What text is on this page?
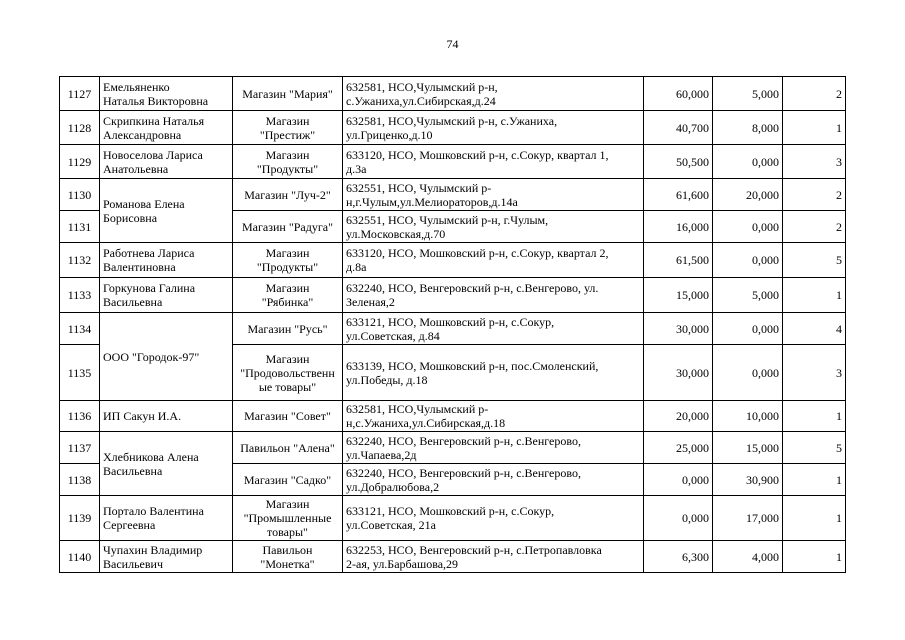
74
1127	Емельяненко
Наталья Викторовна	Магазин "Мария"	632581, НСО,Чулымский р-н,
с.Ужаниха,ул.Сибирская,д.24	60,000	5,000	2
1128	Скрипкина Наталья
Александровна	Магазин
"Престиж"	632581, НСО,Чулымский р-н, с.Ужаниха,
ул.Гриценко,д.10	40,700	8,000	1
1129	Новоселова Лариса
Анатольевна	Магазин
"Продукты"	633120, НСО, Мошковский р-н, с.Сокур, квартал 1,
д.3а	50,500	0,000	3
1130	Романова Елена
Борисовна	Магазин "Луч-2"	632551, НСО, Чулымский р-
н,г.Чулым,ул.Мелиораторов,д.14а	61,600	20,000	2
1131		Магазин "Радуга"	632551, НСО, Чулымский р-н, г.Чулым,
ул.Московская,д.70	16,000	0,000	2
1132	Работнева Лариса
Валентиновна	Магазин
"Продукты"	633120, НСО, Мошковский р-н, с.Сокур, квартал 2,
д.8а	61,500	0,000	5
1133	Горкунова Галина
Васильевна	Магазин
"Рябинка"	632240, НСО, Венгеровский р-н, с.Венгерово, ул.
Зеленая,2	15,000	5,000	1
1134	ООО "Городок-97"	Магазин "Русь"	633121, НСО, Мошковский р-н, с.Сокур,
ул.Советская, д.84	30,000	0,000	4
1135		Магазин
"Продовольственн
ые товары"	633139, НСО, Мошковский р-н, пос.Смоленский,
ул.Победы, д.18	30,000	0,000	3
1136	ИП Сакун И.А.	Магазин "Совет"	632581, НСО,Чулымский р-
н,с.Ужаниха,ул.Сибирская,д.18	20,000	10,000	1
1137	Хлебникова Алена
Васильевна	Павильон "Алена"	632240, НСО, Венгеровский р-н, с.Венгерово,
ул.Чапаева,2д	25,000	15,000	5
1138		Магазин "Садко"	632240, НСО, Венгеровский р-н, с.Венгерово,
ул.Добралюбова,2	0,000	30,900	1
1139	Портало Валентина
Сергеевна	Магазин
"Промышленные
товары"	633121, НСО, Мошковский р-н, с.Сокур,
ул.Советская, 21а	0,000	17,000	1
1140	Чупахин Владимир
Васильевич	Павильон
"Монетка"	632253, НСО, Венгеровский р-н, с.Петропавловка
2-ая, ул.Барбашова,29	6,300	4,000	1
